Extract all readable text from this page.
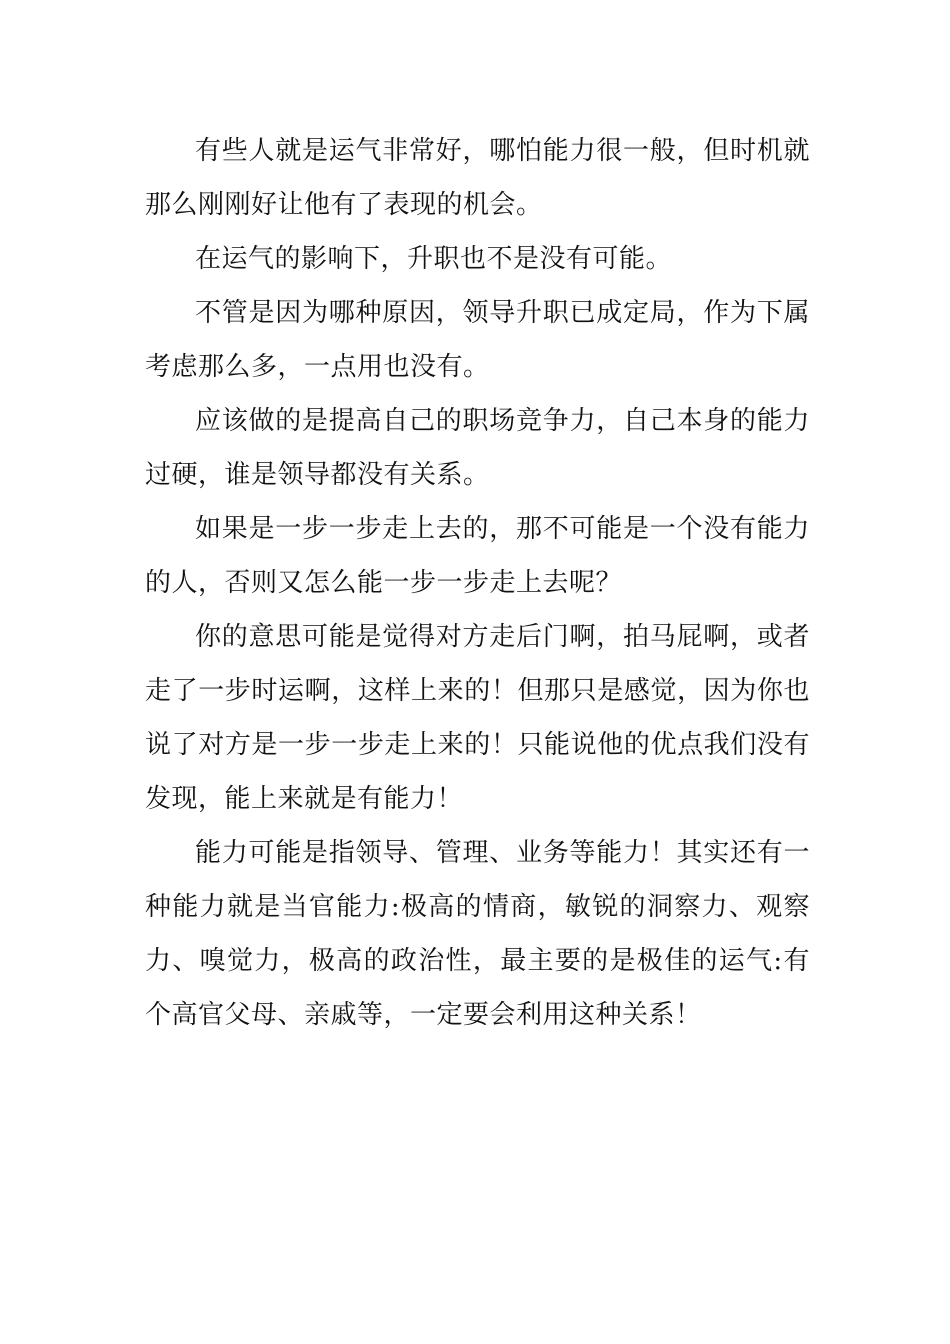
有些人就是运气非常好，哪怕能力很一般，但时机就那么刚刚好让他有了表现的机会。

在运气的影响下，升职也不是没有可能。

不管是因为哪种原因，领导升职已成定局，作为下属考虑那么多，一点用也没有。

应该做的是提高自己的职场竞争力，自己本身的能力过硬，谁是领导都没有关系。

如果是一步一步走上去的，那不可能是一个没有能力的人，否则又怎么能一步一步走上去呢？

你的意思可能是觉得对方走后门啊，拍马屁啊，或者走了一步时运啊，这样上来的！但那只是感觉，因为你也说了对方是一步一步走上来的！只能说他的优点我们没有发现，能上来就是有能力！

能力可能是指领导、管理、业务等能力！其实还有一种能力就是当官能力:极高的情商，敏锐的洞察力、观察力、嗅觉力，极高的政治性，最主要的是极佳的运气:有个高官父母、亲戚等，一定要会利用这种关系！
